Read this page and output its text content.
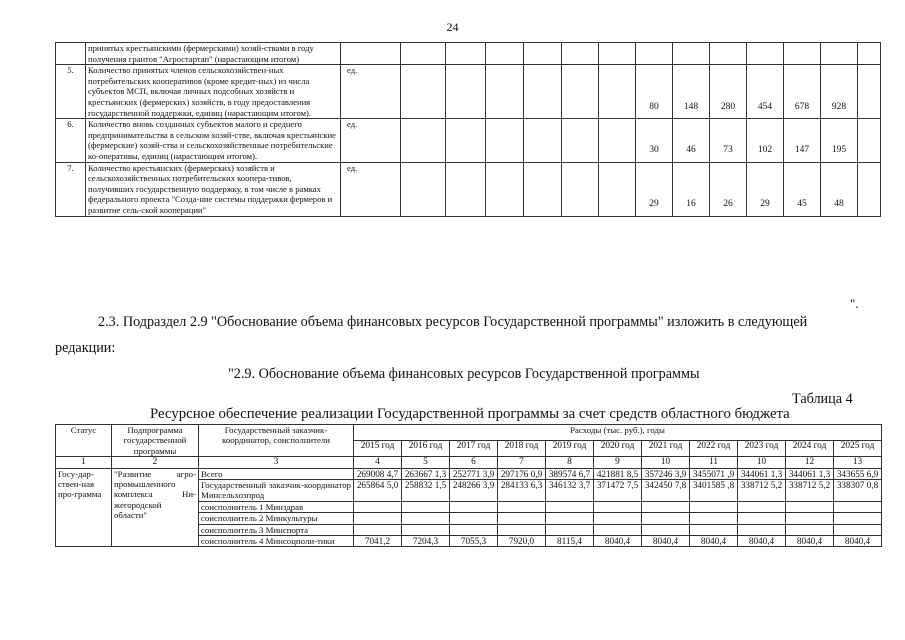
24
	принятых крестьянскими (фермерскими) хозяй-ствами в году получения грантов "Агростартап" (нарастающим итогом)														
5.	Количество принятых членов сельскохозяйствен-ных потребительских кооперативов (кроме кредит-ных) из числа субъектов МСП, включая личных подсобных хозяйств и крестьянских (фермерских) хозяйств, в году предоставления государственной поддержки, единиц (нарастающим итогом).	ед.							80	148	280	454	678	928	
6.	Количество вновь созданных субъектов малого и среднего предпринимательства в сельском хозяй-стве, включая крестьянские (фермерские) хозяй-ства и сельскохозяйственные потребительские ко-оперативы, единиц (нарастающим итогом).	ед.							30	46	73	102	147	195	
7.	Количество крестьянских (фермерских) хозяйств и сельскохозяйственных потребительских коопера-тивов, получивших государственную поддержку, в том числе в рамках федерального проекта "Созда-ние системы поддержки фермеров и развитие сель-ской кооперации"	ед.							29	16	26	29	45	48	
".
2.3. Подраздел 2.9 "Обоснование объема финансовых ресурсов Государственной программы" изложить в следующей
редакции:
"2.9. Обоснование объема финансовых ресурсов Государственной программы
Таблица 4
Ресурсное обеспечение реализации Государственной программы за счет средств областного бюджета
Статус	Подпрограмма государственной программы	Государственный заказчик-координатор, соисполнители	Расходы (тыс. руб.), годы										
			2015 год	2016 год	2017 год	2018 год	2019 год	2020 год	2021 год	2022 год	2023 год	2024 год	2025 год
1	2	3	4	5	6	7	8	9	10	11	10	12	13
Госу-дар-ствен-ная про-грамма	"Развитие агро-промышленного комплекса Ни-жегородской области"	Всего	269008 4,7	263667 1,3	252771 3,9	297176 0,9	389574 6,7	421881 8,5	357246 3,9	3455071 ,9	344061 1,3	344061 1,3	343655 6,9
		Государственный заказчик-координатор Минсельхозпрод	265864 5,0	258832 1,5	248266 3,9	284133 6,3	346132 3,7	371472 7,5	342450 7,8	3401585 ,8	338712 5,2	338712 5,2	338307 0,8
		соисполнитель 1 Минздрав											
		соисполнитель 2 Минкультуры											
		соисполнитель 3 Минспорта											
		соисполнитель 4 Минсоцпoли-тики	7041,2	7204,3	7055,3	7920,0	8115,4	8040,4	8040,4	8040,4	8040,4	8040,4	8040,4
